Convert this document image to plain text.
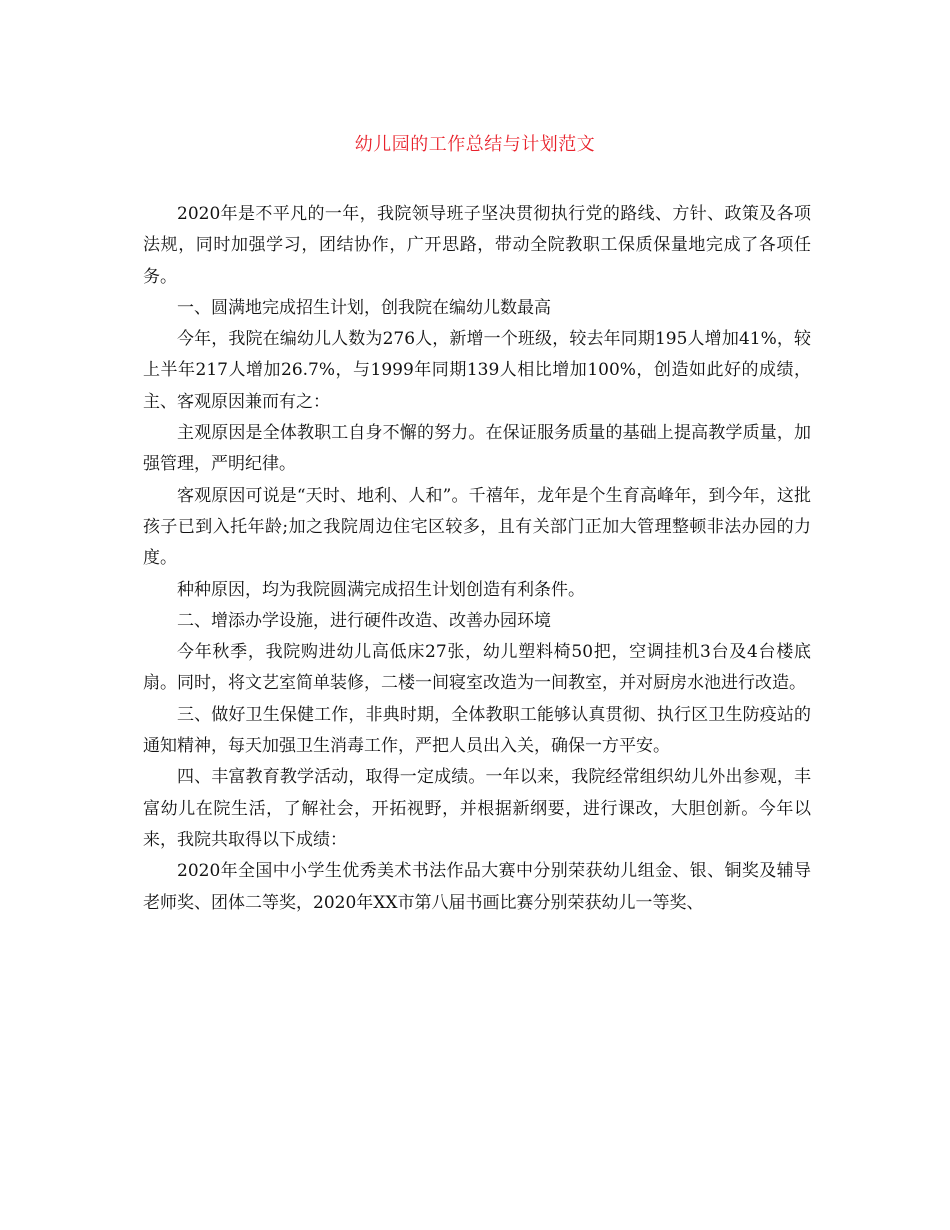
幼儿园的工作总结与计划范文

2020年是不平凡的一年，我院领导班子坚决贯彻执行党的路线、方针、政策及各项法规，同时加强学习，团结协作，广开思路，带动全院教职工保质保量地完成了各项任务。

一、圆满地完成招生计划，创我院在编幼儿数最高

今年，我院在编幼儿人数为276人，新增一个班级，较去年同期195人增加41%，较上半年217人增加26.7%，与1999年同期139人相比增加100%，创造如此好的成绩，主、客观原因兼而有之：

主观原因是全体教职工自身不懈的努力。在保证服务质量的基础上提高教学质量，加强管理，严明纪律。

客观原因可说是“天时、地利、人和”。千禧年，龙年是个生育高峰年，到今年，这批孩子已到入托年龄;加之我院周边住宅区较多，且有关部门正加大管理整顿非法办园的力度。

种种原因，均为我院圆满完成招生计划创造有利条件。

二、增添办学设施，进行硬件改造、改善办园环境

今年秋季，我院购进幼儿高低床27张，幼儿塑料椅50把，空调挂机3台及4台楼底扇。同时，将文艺室简单装修，二楼一间寝室改造为一间教室，并对厨房水池进行改造。

三、做好卫生保健工作，非典时期，全体教职工能够认真贯彻、执行区卫生防疫站的通知精神，每天加强卫生消毒工作，严把人员出入关，确保一方平安。

四、丰富教育教学活动，取得一定成绩。一年以来，我院经常组织幼儿外出参观，丰富幼儿在院生活，了解社会，开拓视野，并根据新纲要，进行课改，大胆创新。今年以来，我院共取得以下成绩：

2020年全国中小学生优秀美术书法作品大赛中分别荣获幼儿组金、银、铜奖及辅导老师奖、团体二等奖，2020年XX市第八届书画比赛分别荣获幼儿一等奖、
